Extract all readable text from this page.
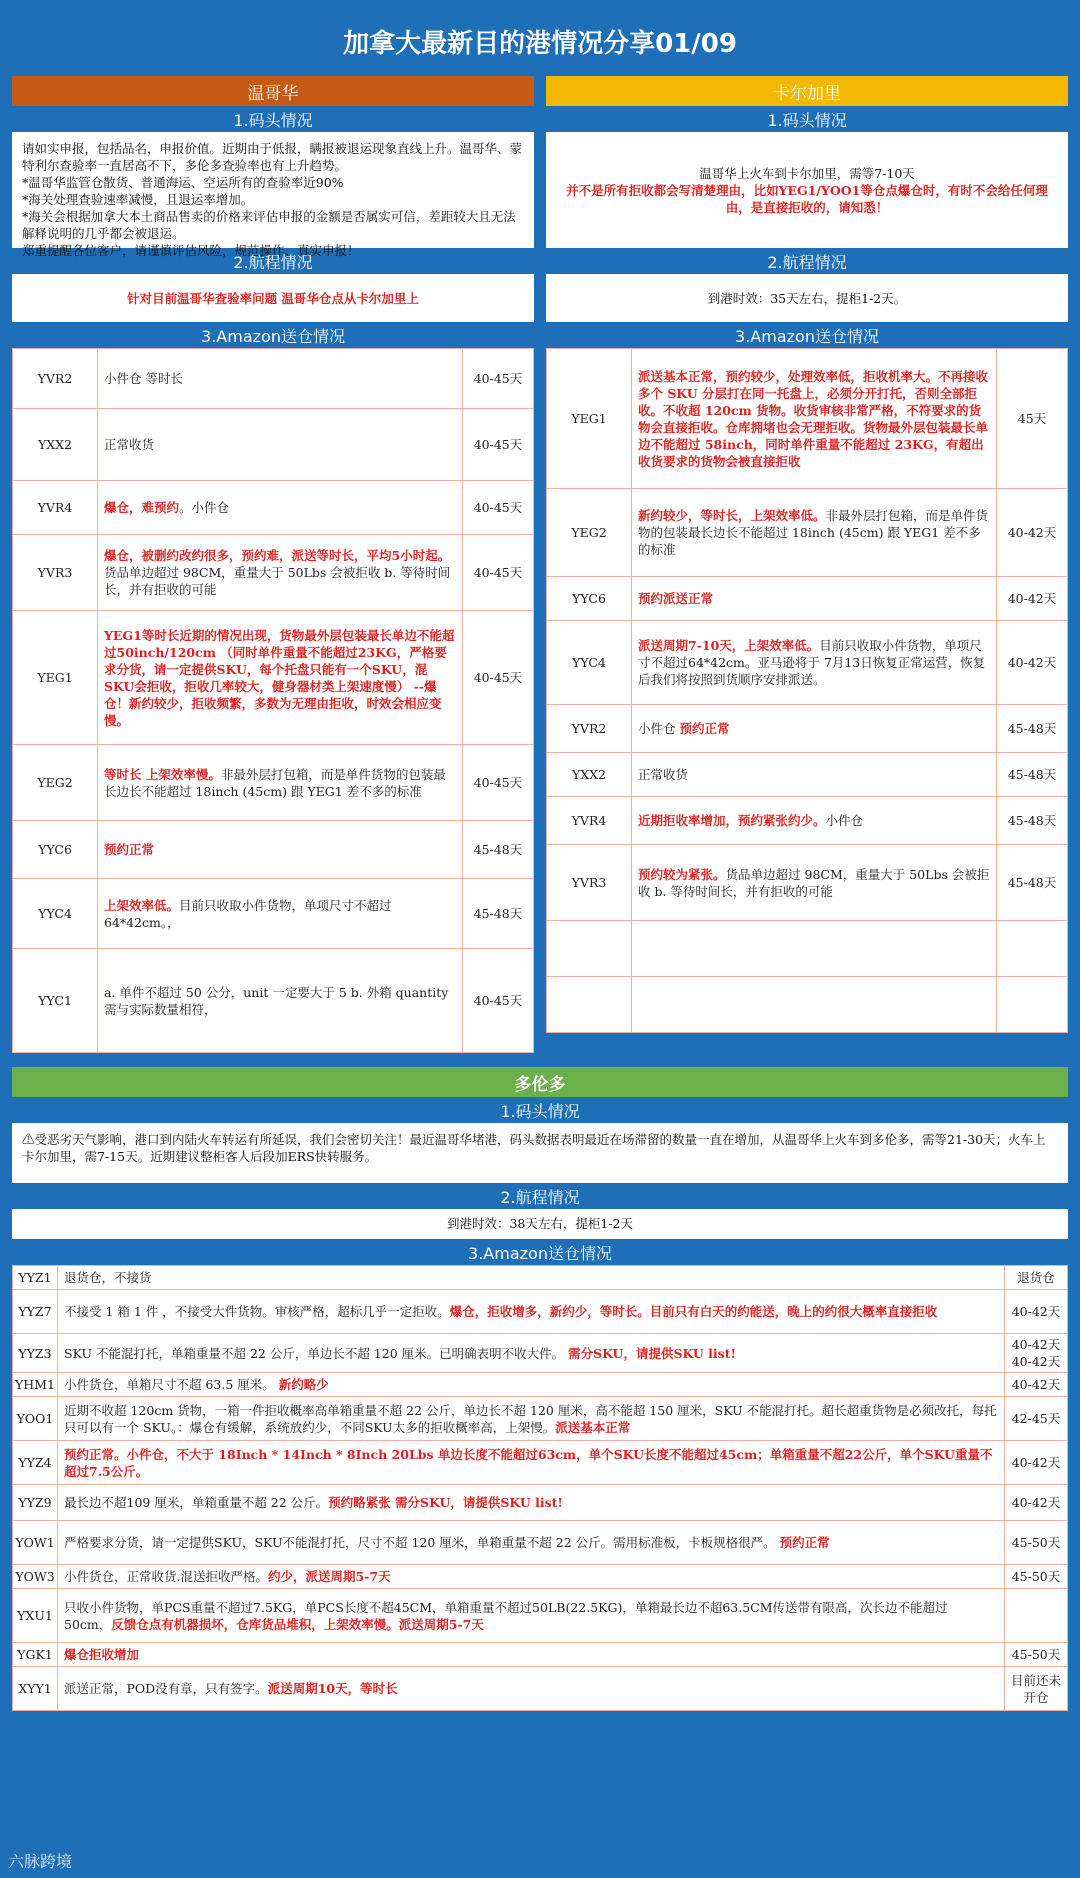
加拿大最新目的港情况分享01/09
温哥华
1.码头情况
请如实申报，包括品名，申报价值。近期由于低报，瞒报被退运现象直线上升。温哥华、蒙特利尔查验率一直居高不下，多伦多查验率也有上升趋势。
*温哥华监管仓散货、普通海运、空运所有的查验率近90%
*海关处理查验速率减慢，且退运率增加。
*海关会根据加拿大本土商品售卖的价格来评估申报的金额是否属实可信，差距较大且无法解释说明的几乎都会被退运。
郑重提醒各位客户，请谨慎评估风险，规范操作、真实申报！
2.航程情况
针对目前温哥华查验率问题 温哥华仓点从卡尔加里上
3.Amazon送仓情况
YVR2	小件仓 等时长	40-45天
YXX2	正常收货	40-45天
YVR4	爆仓，难预约。小件仓	40-45天
YVR3	爆仓，被删约改约很多，预约难，派送等时长，平均5小时起。货品单边超过 98CM，重量大于 50Lbs 会被拒收 b. 等待时间长，并有拒收的可能	40-45天
YEG1	YEG1等时长近期的情况出现，货物最外层包装最长单边不能超过50inch/120cm （同时单件重量不能超过23KG，严格要求分货，请一定提供SKU，每个托盘只能有一个SKU，混SKU会拒收，拒收几率较大，健身器材类上架速度慢） --爆仓！新约较少，拒收频繁，多数为无理由拒收，时效会相应变慢。	40-45天
YEG2	等时长 上架效率慢。非最外层打包箱，而是单件货物的包装最长边长不能超过 18inch (45cm) 跟 YEG1 差不多的标准	40-45天
YYC6	预约正常	45-48天
YYC4	上架效率低。目前只收取小件货物，单项尺寸不超过 64*42cm。，	45-48天
YYC1	a. 单件不超过 50 公分，unit 一定要大于 5 b. 外箱 quantity 需与实际数量相符，	40-45天
卡尔加里
1.码头情况
温哥华上火车到卡尔加里，需等7-10天
并不是所有拒收都会写清楚理由，比如YEG1/YOO1等仓点爆仓时，有时不会给任何理由，是直接拒收的，请知悉！
2.航程情况
到港时效：35天左右，提柜1-2天。
3.Amazon送仓情况
YEG1	派送基本正常，预约较少，处理效率低，拒收机率大。不再接收多个 SKU 分层打在同一托盘上，必须分开打托，否则全部拒收。不收超 120cm 货物。收货审核非常严格，不符要求的货物会直接拒收。仓库拥堵也会无理拒收。货物最外层包装最长单边不能超过 58inch，同时单件重量不能超过 23KG，有超出收货要求的货物会被直接拒收	45天
YEG2	新约较少，等时长，上架效率低。非最外层打包箱，而是单件货物的包装最长边长不能超过 18inch (45cm) 跟 YEG1 差不多的标准	40-42天
YYC6	预约派送正常	40-42天
YYC4	派送周期7-10天，上架效率低。目前只收取小件货物，单项尺寸不超过64*42cm。亚马逊将于 7月13日恢复正常运营，恢复后我们将按照到货顺序安排派送。	40-42天
YVR2	小件仓 预约正常	45-48天
YXX2	正常收货	45-48天
YVR4	近期拒收率增加，预约紧张约少。小件仓	45-48天
YVR3	预约较为紧张。货品单边超过 98CM，重量大于 50Lbs 会被拒收 b. 等待时间长，并有拒收的可能	45-48天

多伦多
1.码头情况
⚠受恶劣天气影响，港口到内陆火车转运有所延误，我们会密切关注！最近温哥华堵港，码头数据表明最近在场滞留的数量一直在增加，从温哥华上火车到多伦多，需等21-30天；火车上卡尔加里，需7-15天。近期建议整柜客人后段加ERS快转服务。
2.航程情况
到港时效：38天左右，提柜1-2天
3.Amazon送仓情况
YYZ1	退货仓，不接货	退货仓
YYZ7	不接受 1 箱 1 件 ，不接受大件货物。审核严格，超标几乎一定拒收。爆仓，拒收增多，新约少，等时长。目前只有白天的约能送，晚上的约很大概率直接拒收	40-42天
YYZ3	SKU 不能混打托，单箱重量不超 22 公斤，单边长不超 120 厘米。已明确表明不收大件。 需分SKU，请提供SKU list!	40-42天 40-42天
YHM1	小件货仓，单箱尺寸不超 63.5 厘米。 新约略少	40-42天
YOO1	近期不收超 120cm 货物，一箱一件拒收概率高单箱重量不超 22 公斤，单边长不超 120 厘米，高不能超 150 厘米，SKU 不能混打托。超长超重货物是必须改托，每托只可以有一个 SKU。：爆仓有缓解，系统放约少，不同SKU太多的拒收概率高，上架慢。派送基本正常	42-45天
YYZ4	预约正常。小件仓，不大于 18Inch * 14Inch * 8Inch 20Lbs 单边长度不能超过63cm，单个SKU长度不能超过45cm；单箱重量不超22公斤，单个SKU重量不超过7.5公斤。	40-42天
YYZ9	最长边不超109 厘米，单箱重量不超 22 公斤。预约略紧张 需分SKU，请提供SKU list!	40-42天
YOW1	严格要求分货，请一定提供SKU，SKU不能混打托，尺寸不超 120 厘米，单箱重量不超 22 公斤。需用标准板，卡板规格很严。 预约正常	45-50天
YOW3	小件货仓，正常收货.混送拒收严格。约少，派送周期5-7天	45-50天
YXU1	只收小件货物，单PCS重量不超过7.5KG，单PCS长度不超45CM，单箱重量不超过50LB(22.5KG)，单箱最长边不超63.5CM传送带有限高，次长边不能超过 50cm，反馈仓点有机器损坏，仓库货品堆积，上架效率慢。派送周期5-7天	
YGK1	爆仓拒收增加	45-50天
XYY1	派送正常，POD没有章，只有签字。派送周期10天，等时长	目前还未开仓
六脉跨境
